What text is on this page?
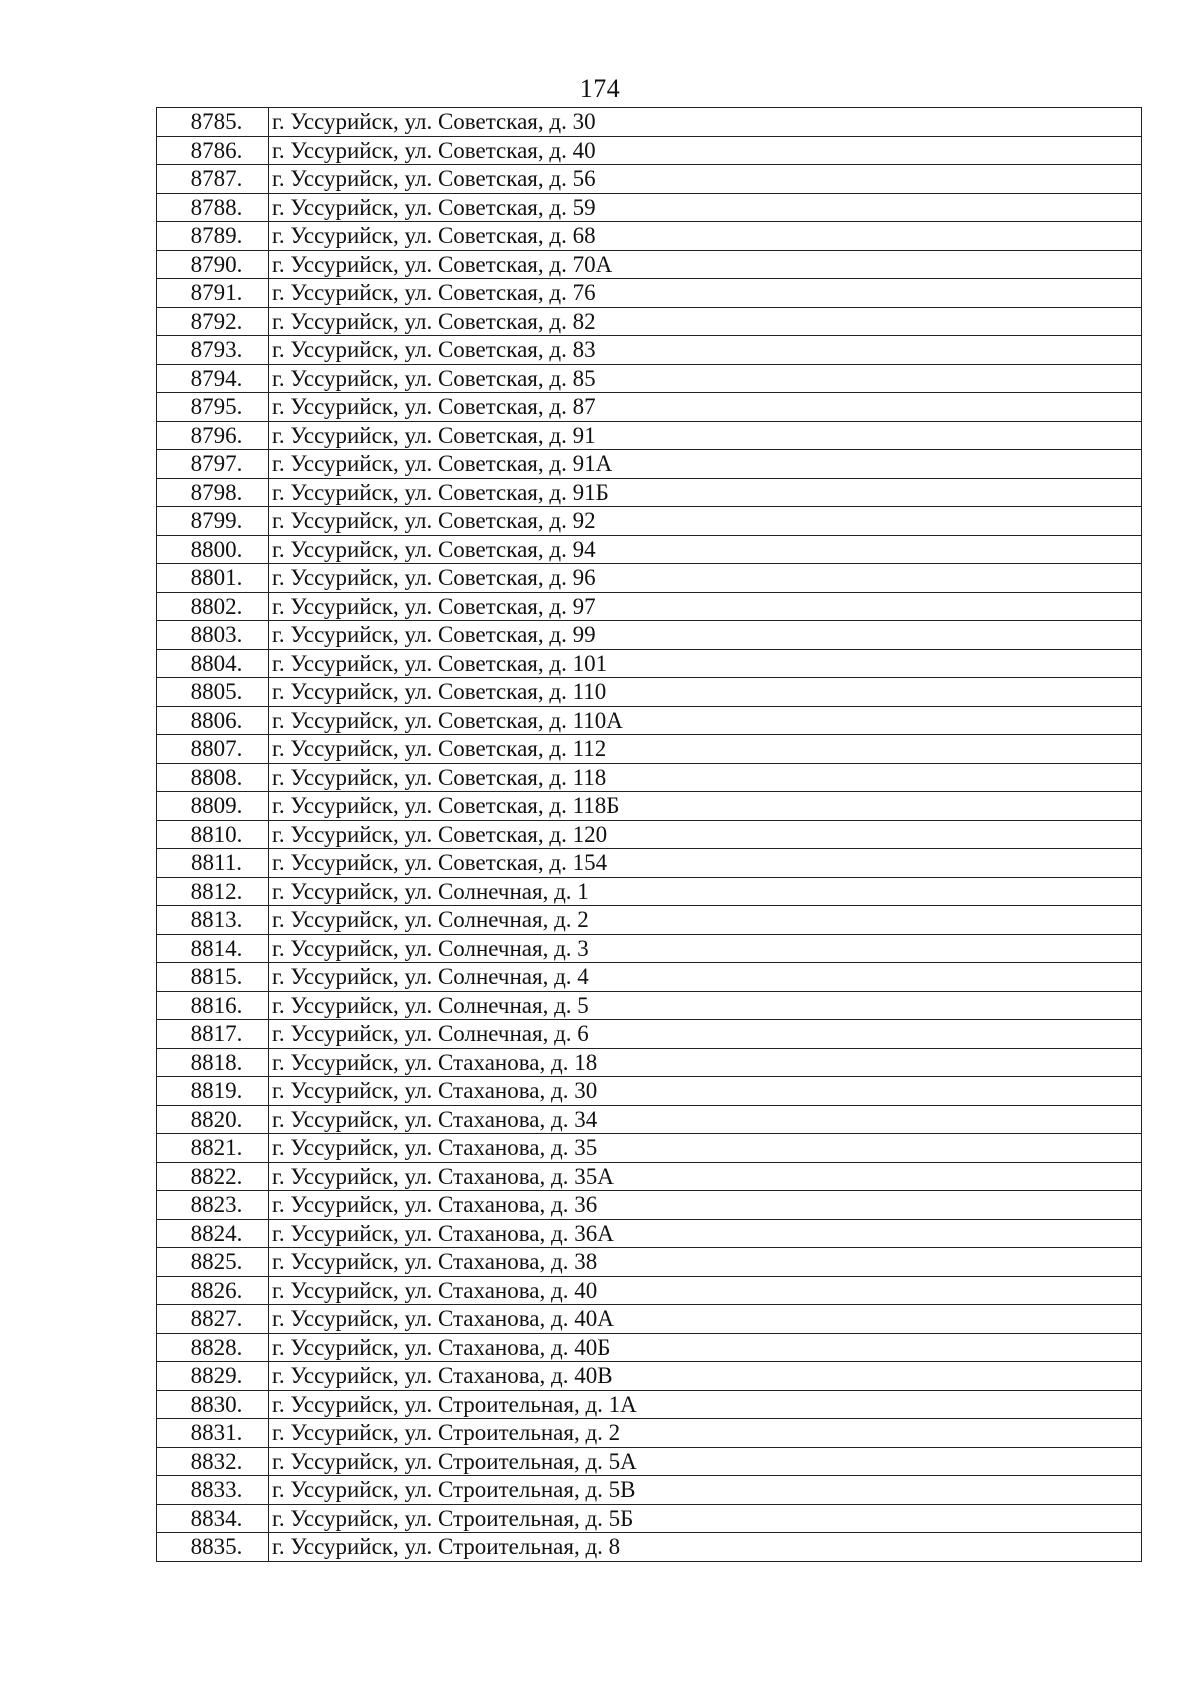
174
8785.	г. Уссурийск, ул. Советская, д. 30
8786.	г. Уссурийск, ул. Советская, д. 40
8787.	г. Уссурийск, ул. Советская, д. 56
8788.	г. Уссурийск, ул. Советская, д. 59
8789.	г. Уссурийск, ул. Советская, д. 68
8790.	г. Уссурийск, ул. Советская, д. 70А
8791.	г. Уссурийск, ул. Советская, д. 76
8792.	г. Уссурийск, ул. Советская, д. 82
8793.	г. Уссурийск, ул. Советская, д. 83
8794.	г. Уссурийск, ул. Советская, д. 85
8795.	г. Уссурийск, ул. Советская, д. 87
8796.	г. Уссурийск, ул. Советская, д. 91
8797.	г. Уссурийск, ул. Советская, д. 91А
8798.	г. Уссурийск, ул. Советская, д. 91Б
8799.	г. Уссурийск, ул. Советская, д. 92
8800.	г. Уссурийск, ул. Советская, д. 94
8801.	г. Уссурийск, ул. Советская, д. 96
8802.	г. Уссурийск, ул. Советская, д. 97
8803.	г. Уссурийск, ул. Советская, д. 99
8804.	г. Уссурийск, ул. Советская, д. 101
8805.	г. Уссурийск, ул. Советская, д. 110
8806.	г. Уссурийск, ул. Советская, д. 110А
8807.	г. Уссурийск, ул. Советская, д. 112
8808.	г. Уссурийск, ул. Советская, д. 118
8809.	г. Уссурийск, ул. Советская, д. 118Б
8810.	г. Уссурийск, ул. Советская, д. 120
8811.	г. Уссурийск, ул. Советская, д. 154
8812.	г. Уссурийск, ул. Солнечная, д. 1
8813.	г. Уссурийск, ул. Солнечная, д. 2
8814.	г. Уссурийск, ул. Солнечная, д. 3
8815.	г. Уссурийск, ул. Солнечная, д. 4
8816.	г. Уссурийск, ул. Солнечная, д. 5
8817.	г. Уссурийск, ул. Солнечная, д. 6
8818.	г. Уссурийск, ул. Стаханова, д. 18
8819.	г. Уссурийск, ул. Стаханова, д. 30
8820.	г. Уссурийск, ул. Стаханова, д. 34
8821.	г. Уссурийск, ул. Стаханова, д. 35
8822.	г. Уссурийск, ул. Стаханова, д. 35А
8823.	г. Уссурийск, ул. Стаханова, д. 36
8824.	г. Уссурийск, ул. Стаханова, д. 36А
8825.	г. Уссурийск, ул. Стаханова, д. 38
8826.	г. Уссурийск, ул. Стаханова, д. 40
8827.	г. Уссурийск, ул. Стаханова, д. 40А
8828.	г. Уссурийск, ул. Стаханова, д. 40Б
8829.	г. Уссурийск, ул. Стаханова, д. 40В
8830.	г. Уссурийск, ул. Строительная, д. 1А
8831.	г. Уссурийск, ул. Строительная, д. 2
8832.	г. Уссурийск, ул. Строительная, д. 5А
8833.	г. Уссурийск, ул. Строительная, д. 5В
8834.	г. Уссурийск, ул. Строительная, д. 5Б
8835.	г. Уссурийск, ул. Строительная, д. 8
